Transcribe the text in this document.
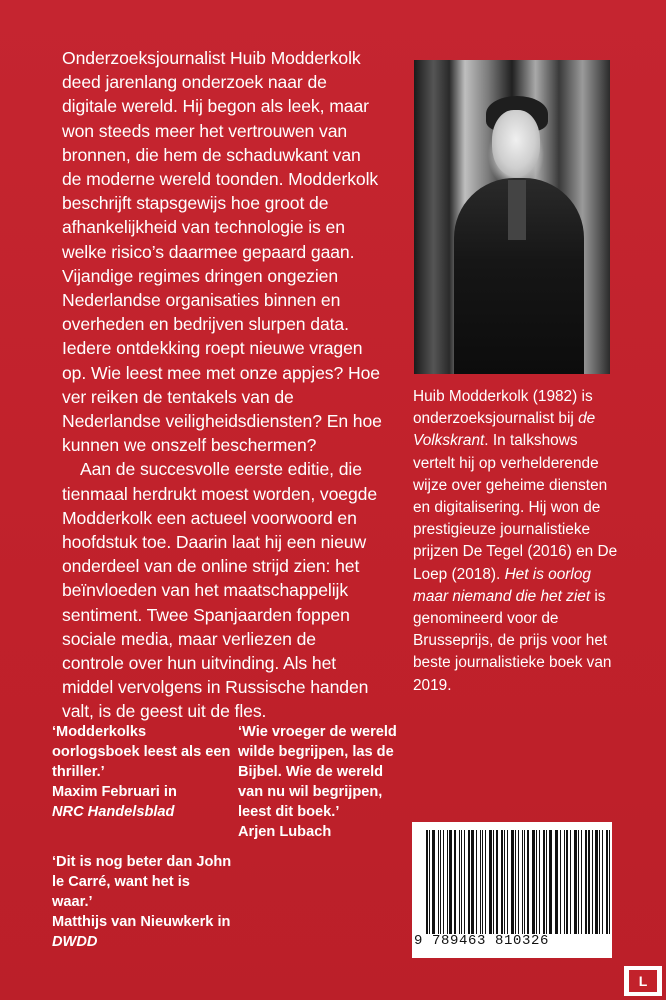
Onderzoeksjournalist Huib Modderkolk deed jarenlang onderzoek naar de digitale wereld. Hij begon als leek, maar won steeds meer het vertrouwen van bronnen, die hem de schaduwkant van de moderne wereld toonden. Modderkolk beschrijft stapsgewijs hoe groot de afhankelijkheid van technologie is en welke risico’s daarmee gepaard gaan. Vijandige regimes dringen ongezien Nederlandse organisaties binnen en overheden en bedrijven slurpen data. Iedere ontdekking roept nieuwe vragen op. Wie leest mee met onze appjes? Hoe ver reiken de tentakels van de Nederlandse veiligheidsdiensten? En hoe kunnen we onszelf beschermen?

Aan de succesvolle eerste editie, die tienmaal herdrukt moest worden, voegde Modderkolk een actueel voorwoord en hoofdstuk toe. Daarin laat hij een nieuw onderdeel van de online strijd zien: het beïnvloeden van het maatschappelijk sentiment. Twee Spanjaarden foppen sociale media, maar verliezen de controle over hun uitvinding. Als het middel vervolgens in Russische handen valt, is de geest uit de fles.

Huib Modderkolk (1982) is onderzoeksjournalist bij de Volkskrant. In talkshows vertelt hij op verhelderende wijze over geheime diensten en digitalisering. Hij won de prestigieuze journalistieke prijzen De Tegel (2016) en De Loep (2018). Het is oorlog maar niemand die het ziet is genomineerd voor de Brusseprijs, de prijs voor het beste journalistieke boek van 2019.
‘Modderkolks oorlogsboek leest als een thriller.’
Maxim Februari in
NRC Handelsblad
‘Wie vroeger de wereld wilde begrijpen, las de Bijbel. Wie de wereld van nu wil begrijpen, leest dit boek.’
Arjen Lubach
‘Dit is nog beter dan John le Carré, want het is waar.’
Matthijs van Nieuwkerk in DWDD	9 789463 810326
L
